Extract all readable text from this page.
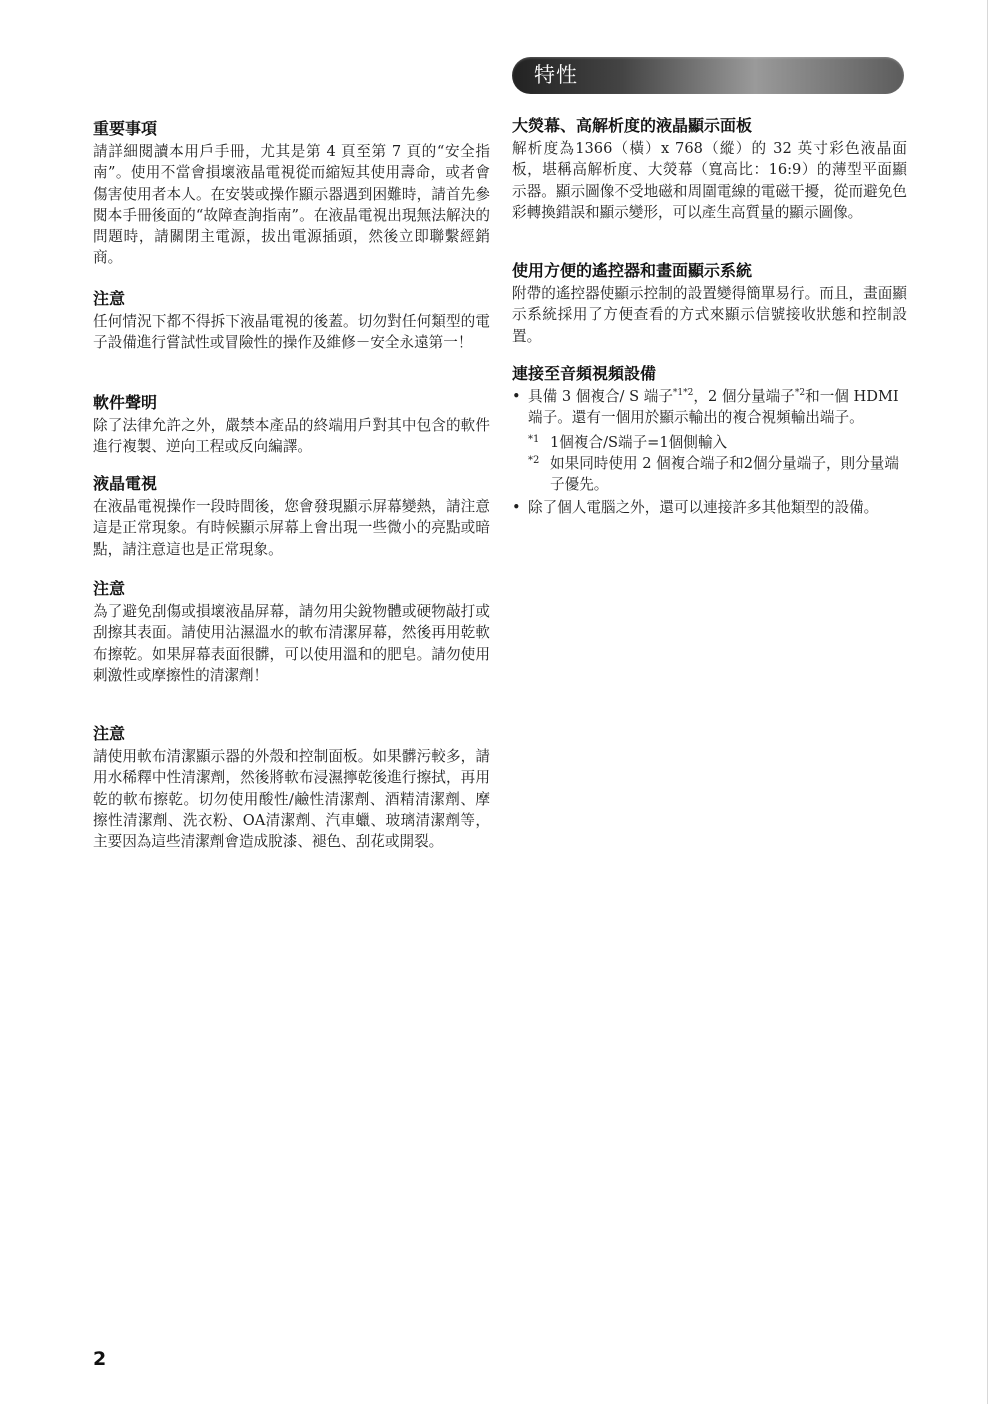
重要事項

請詳細閱讀本用戶手冊，尤其是第 4 頁至第 7 頁的“安全指南”。使用不當會損壞液晶電視從而縮短其使用壽命，或者會傷害使用者本人。在安裝或操作顯示器遇到困難時，請首先參閱本手冊後面的“故障查詢指南”。在液晶電視出現無法解決的問題時，請關閉主電源，拔出電源插頭，然後立即聯繫經銷商。

注意

任何情況下都不得拆下液晶電視的後蓋。切勿對任何類型的電子設備進行嘗試性或冒險性的操作及維修－安全永遠第一！

軟件聲明

除了法律允許之外，嚴禁本產品的終端用戶對其中包含的軟件進行複製、逆向工程或反向編譯。

液晶電視

在液晶電視操作一段時間後，您會發現顯示屏幕變熱，請注意這是正常現象。有時候顯示屏幕上會出現一些微小的亮點或暗點，請注意這也是正常現象。

注意

為了避免刮傷或損壞液晶屏幕，請勿用尖銳物體或硬物敲打或刮擦其表面。請使用沾濕溫水的軟布清潔屏幕，然後再用乾軟布擦乾。如果屏幕表面很髒，可以使用溫和的肥皂。請勿使用刺激性或摩擦性的清潔劑！

注意

請使用軟布清潔顯示器的外殼和控制面板。如果髒污較多，請用水稀釋中性清潔劑，然後將軟布浸濕擰乾後進行擦拭，再用乾的軟布擦乾。切勿使用酸性/鹼性清潔劑、酒精清潔劑、摩擦性清潔劑、洗衣粉、OA清潔劑、汽車蠟、玻璃清潔劑等，主要因為這些清潔劑會造成脫漆、褪色、刮花或開裂。

特性
大熒幕、高解析度的液晶顯示面板

解析度為1366（橫）x 768（縱）的 32 英寸彩色液晶面板，堪稱高解析度、大熒幕（寬高比：16:9）的薄型平面顯示器。顯示圖像不受地磁和周圍電線的電磁干擾，從而避免色彩轉換錯誤和顯示變形，可以產生高質量的顯示圖像。

使用方便的遙控器和畫面顯示系統

附帶的遙控器使顯示控制的設置變得簡單易行。而且，畫面顯示系統採用了方便查看的方式來顯示信號接收狀態和控制設置。

連接至音頻視頻設備
• 具備 3 個複合/ S 端子$^{*1*2}$，2 個分量端子$^{*2}$和一個 HDMI 端子。還有一個用於顯示輸出的複合視頻輸出端子。
*1 1個複合/S端子=1個側輸入
*2 如果同時使用 2 個複合端子和2個分量端子，則分量端子優先。
• 除了個人電腦之外，還可以連接許多其他類型的設備。
2
